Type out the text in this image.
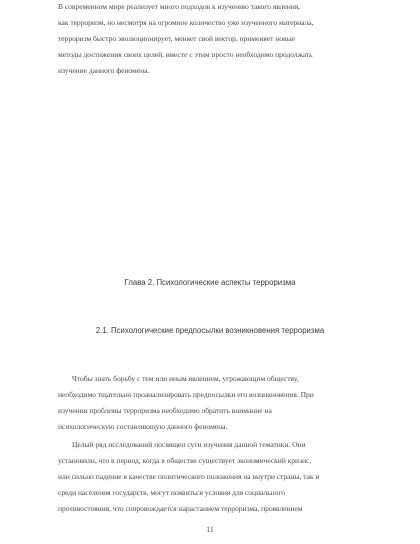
В современном мире реализует много подходов к изучению такого явления,
как терроризм, но несмотря на огромное количество уже изученного материала,
терроризм быстро эволюционирует, меняет свой вектор, применяет новые
методы достижения своих целей, вместе с этим просто необходимо продолжать
изучение данного феномена.
Глава 2. Психологические аспекты терроризма
2.1. Психологические предпосылки возникновения терроризма
Чтобы знать борьбу с тем или иным явлением, угрожающим обществу,
необходимо тщательно проанализировать предпосылки его возникновения. При
изучении проблемы терроризма необходимо обратить внимание на
психологическую составляющую данного феномена.
Целый ряд исследований посвящен сути изучения данной тематики. Они
установили, что в период, когда в обществе существует экономический кризис,
или сильно падение в качестве политического положения на внутри страны, так и
среди населения государств, могут появиться условия для социального
противостояния, что сопровождается нарастанием терроризма, проявлением
11
